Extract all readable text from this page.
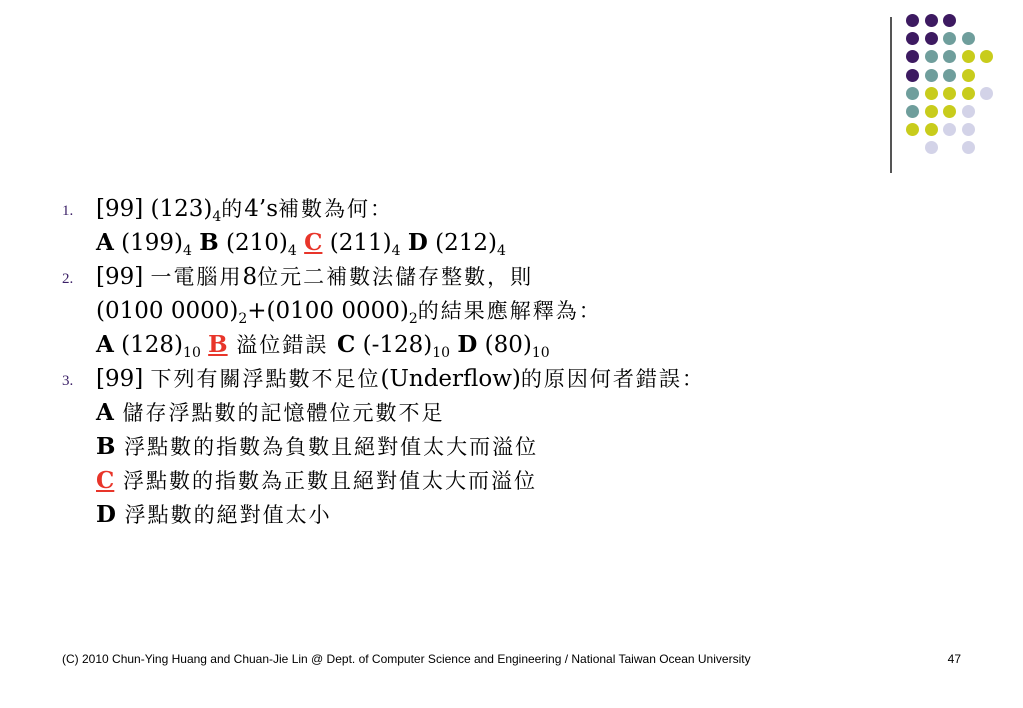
1. [99] $(123)_4$的4’s補數為何：
A $(199)_4$ B $(210)_4$ C $(211)_4$ D $(212)_4$
2. [99] 一電腦用8位元二補數法儲存整數，則
(0100 $0000)_2+(0100$ $0000)_2$的結果應解釋為：
A $(128)_{10}$ B 溢位錯誤 C $(-128)_{10}$ D $(80)_{10}$
3. [99] 下列有關浮點數不足位(Underflow)的原因何者錯誤：
A 儲存浮點數的記憶體位元數不足
B 浮點數的指數為負數且絕對值太大而溢位
C 浮點數的指數為正數且絕對值太大而溢位
D 浮點數的絕對值太小
(C) 2010 Chun-Ying Huang and Chuan-Jie Lin @ Dept. of Computer Science and Engineering / National Taiwan Ocean University	47
